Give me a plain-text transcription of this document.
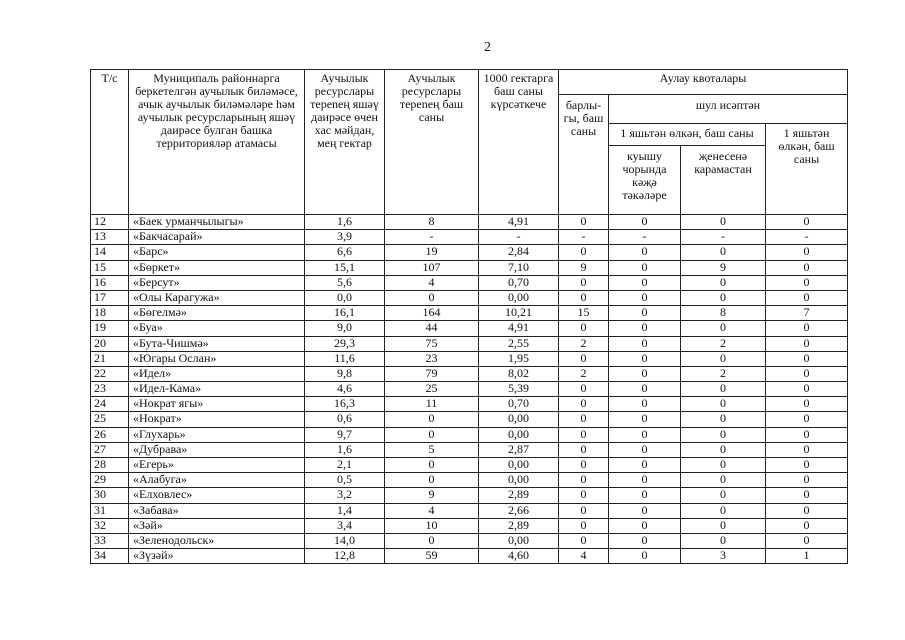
2
Т/с	Муниципаль районнарга беркетелгән аучылык биләмәсе, ачык аучылык биләмәләре һәм аучылык ресурсларының яшәү даирәсе булган башка территорияләр атамасы	Аучылык ресурслары тереnең яшәү даирәсе өчен хас мәйдан, мең гектар	Аучылык ресурслары тереnең баш саны	1000 гектарга баш саны күрсәткече	Аулау квоталары			
					барлы-гы, баш саны	шул исәптән		
						1 яшьтән өлкән, баш саны		1 яшьтән өлкән, баш саны
						куышу чорында кәҗә тәкәләре	җенесенә карамастан	
12	«Баек урманчылыгы»	1,6	8	4,91	0	0	0	0
13	«Бакчасарай»	3,9	-	-	-	-	-	-
14	«Барс»	6,6	19	2,84	0	0	0	0
15	«Бөркет»	15,1	107	7,10	9	0	9	0
16	«Берсут»	5,6	4	0,70	0	0	0	0
17	«Олы Карагужа»	0,0	0	0,00	0	0	0	0
18	«Бөгелмә»	16,1	164	10,21	15	0	8	7
19	«Буа»	9,0	44	4,91	0	0	0	0
20	«Бута-Чишмә»	29,3	75	2,55	2	0	2	0
21	«Югары Ослан»	11,6	23	1,95	0	0	0	0
22	«Идел»	9,8	79	8,02	2	0	2	0
23	«Идел-Кама»	4,6	25	5,39	0	0	0	0
24	«Нократ ягы»	16,3	11	0,70	0	0	0	0
25	«Нократ»	0,6	0	0,00	0	0	0	0
26	«Глухарь»	9,7	0	0,00	0	0	0	0
27	«Дубрава»	1,6	5	2,87	0	0	0	0
28	«Егерь»	2,1	0	0,00	0	0	0	0
29	«Алабуга»	0,5	0	0,00	0	0	0	0
30	«Елховлес»	3,2	9	2,89	0	0	0	0
31	«Забава»	1,4	4	2,66	0	0	0	0
32	«Зәй»	3,4	10	2,89	0	0	0	0
33	«Зеленодольск»	14,0	0	0,00	0	0	0	0
34	«Зүзәй»	12,8	59	4,60	4	0	3	1
